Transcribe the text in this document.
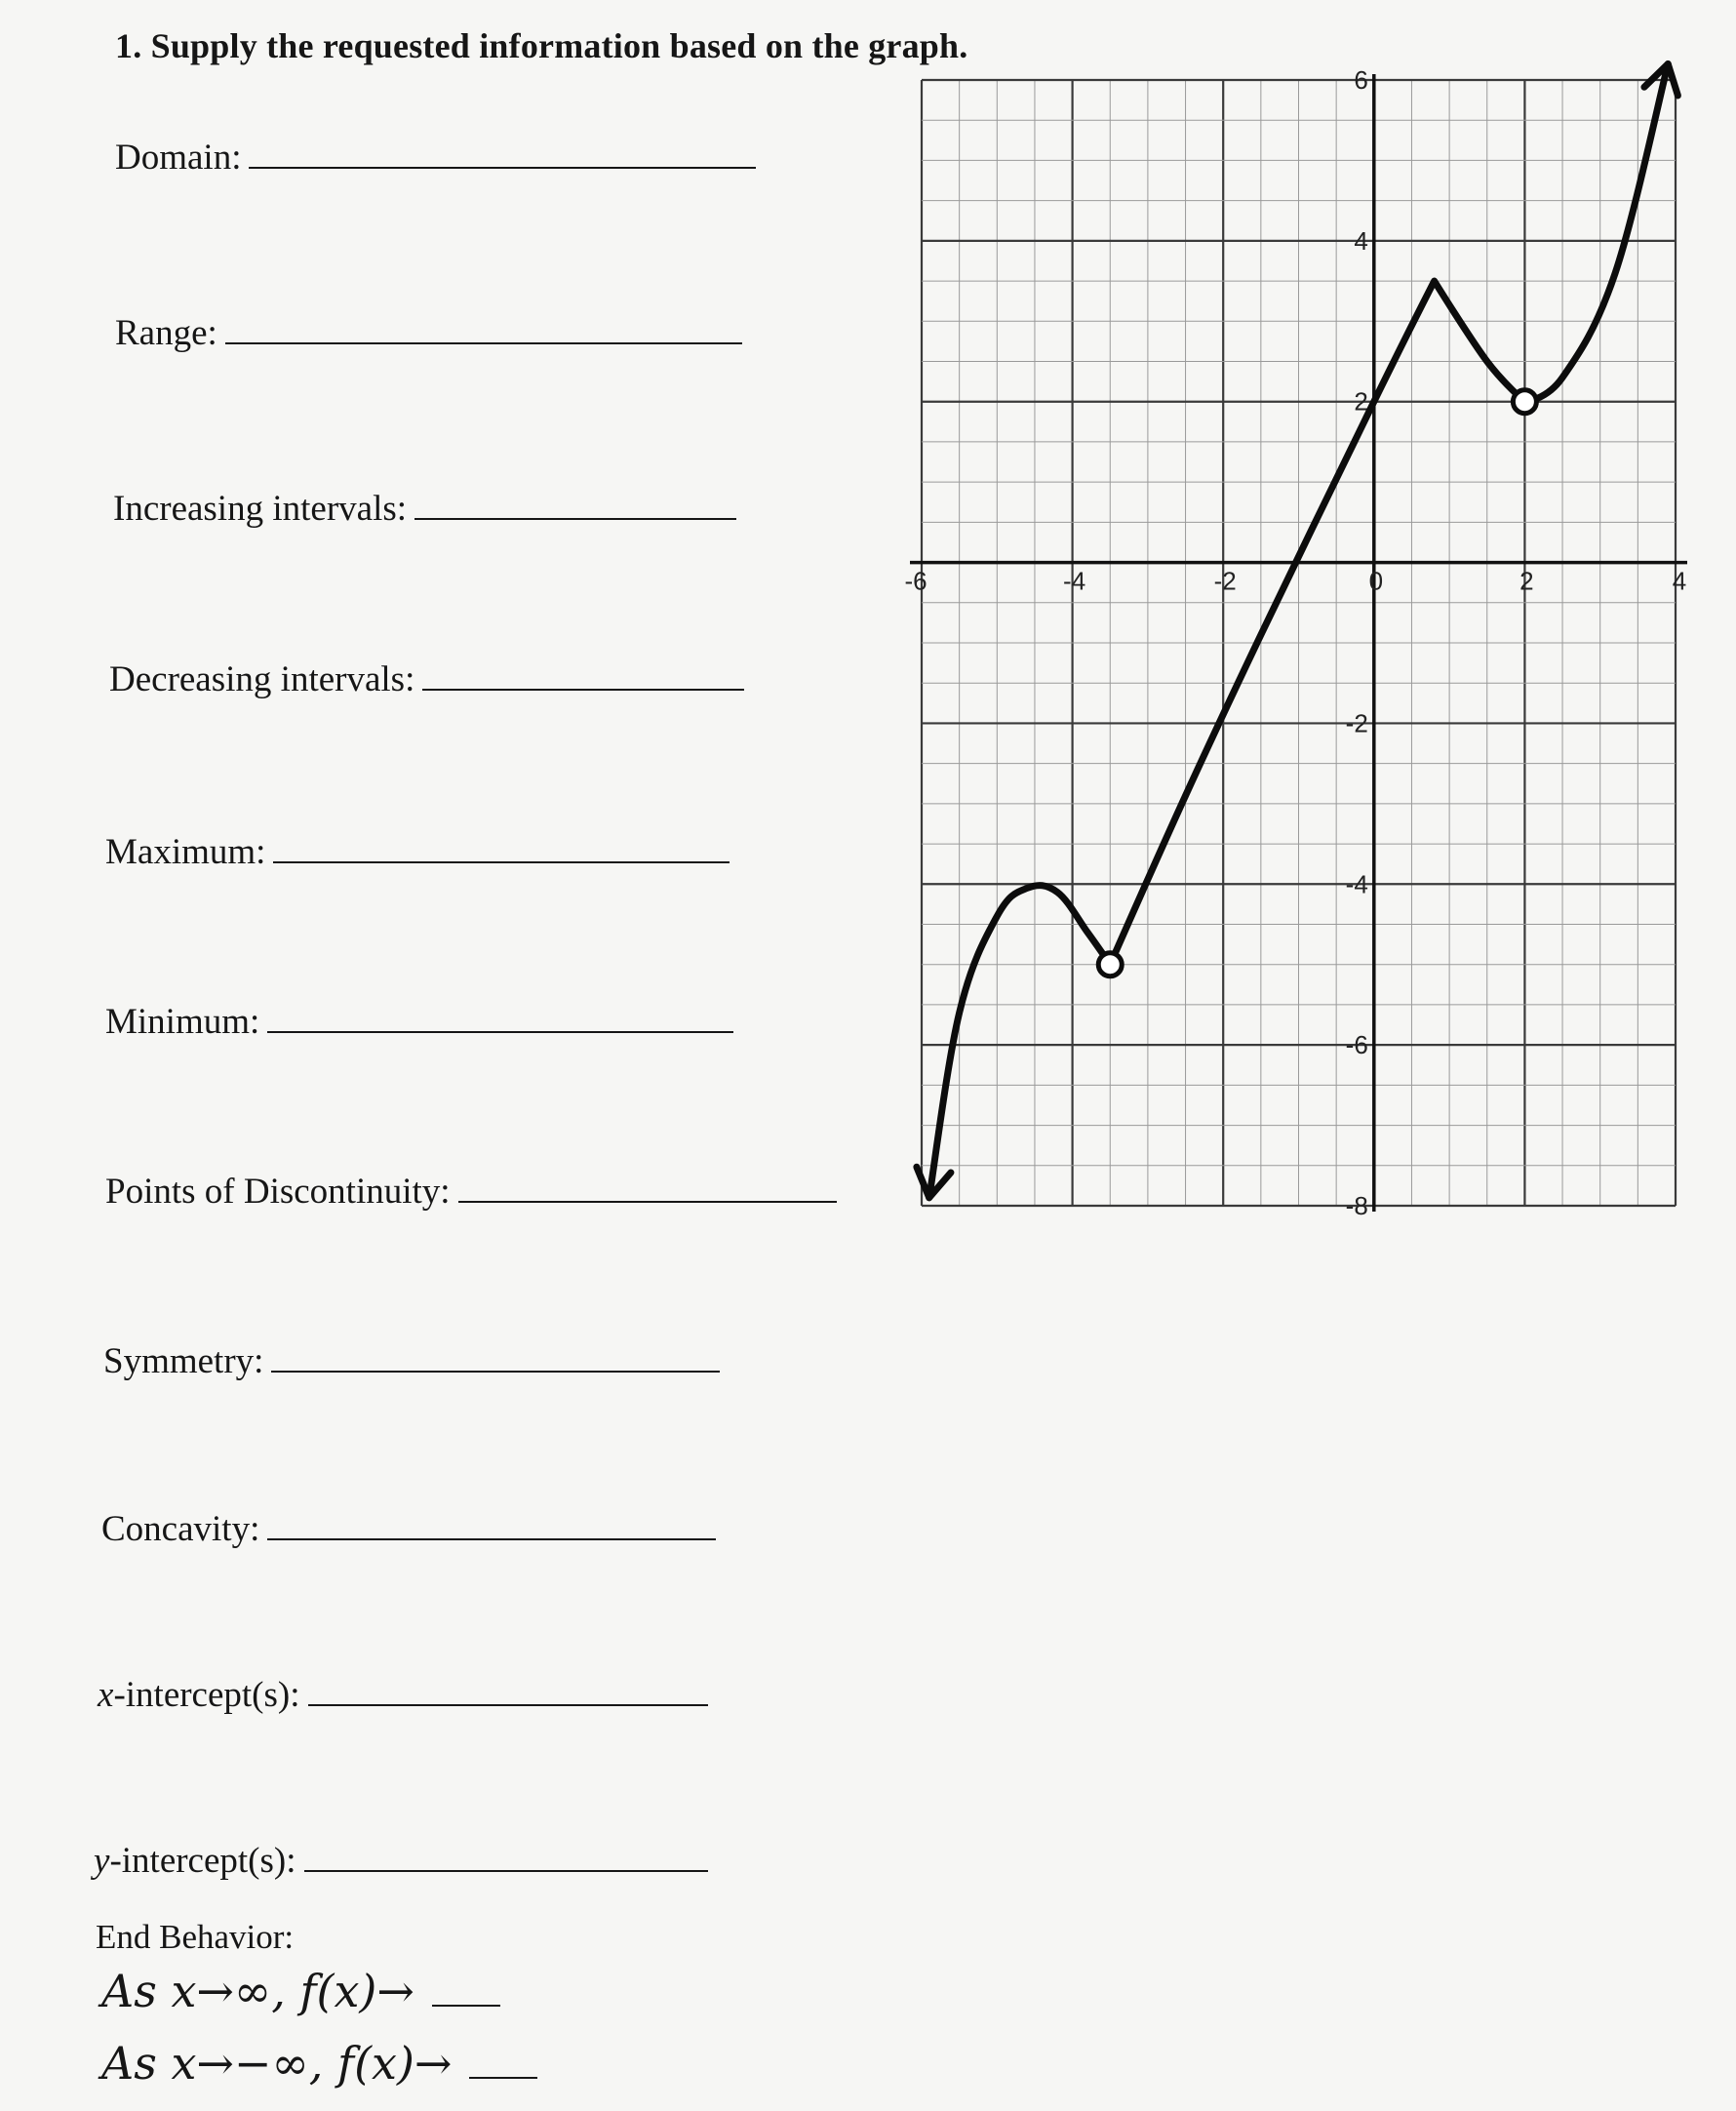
1. Supply the requested information based on the graph.
Domain:
Range:
Increasing intervals:
Decreasing intervals:
Maximum:
Minimum:
Points of Discontinuity:
Symmetry:
Concavity:
x -intercept(s):
y -intercept(s):
End Behavior:
As x→∞, f(x)→
As x→−∞, f(x)→
-6	-4	-2	0	2	4
6
4
2
-2
-4
-6
-8
